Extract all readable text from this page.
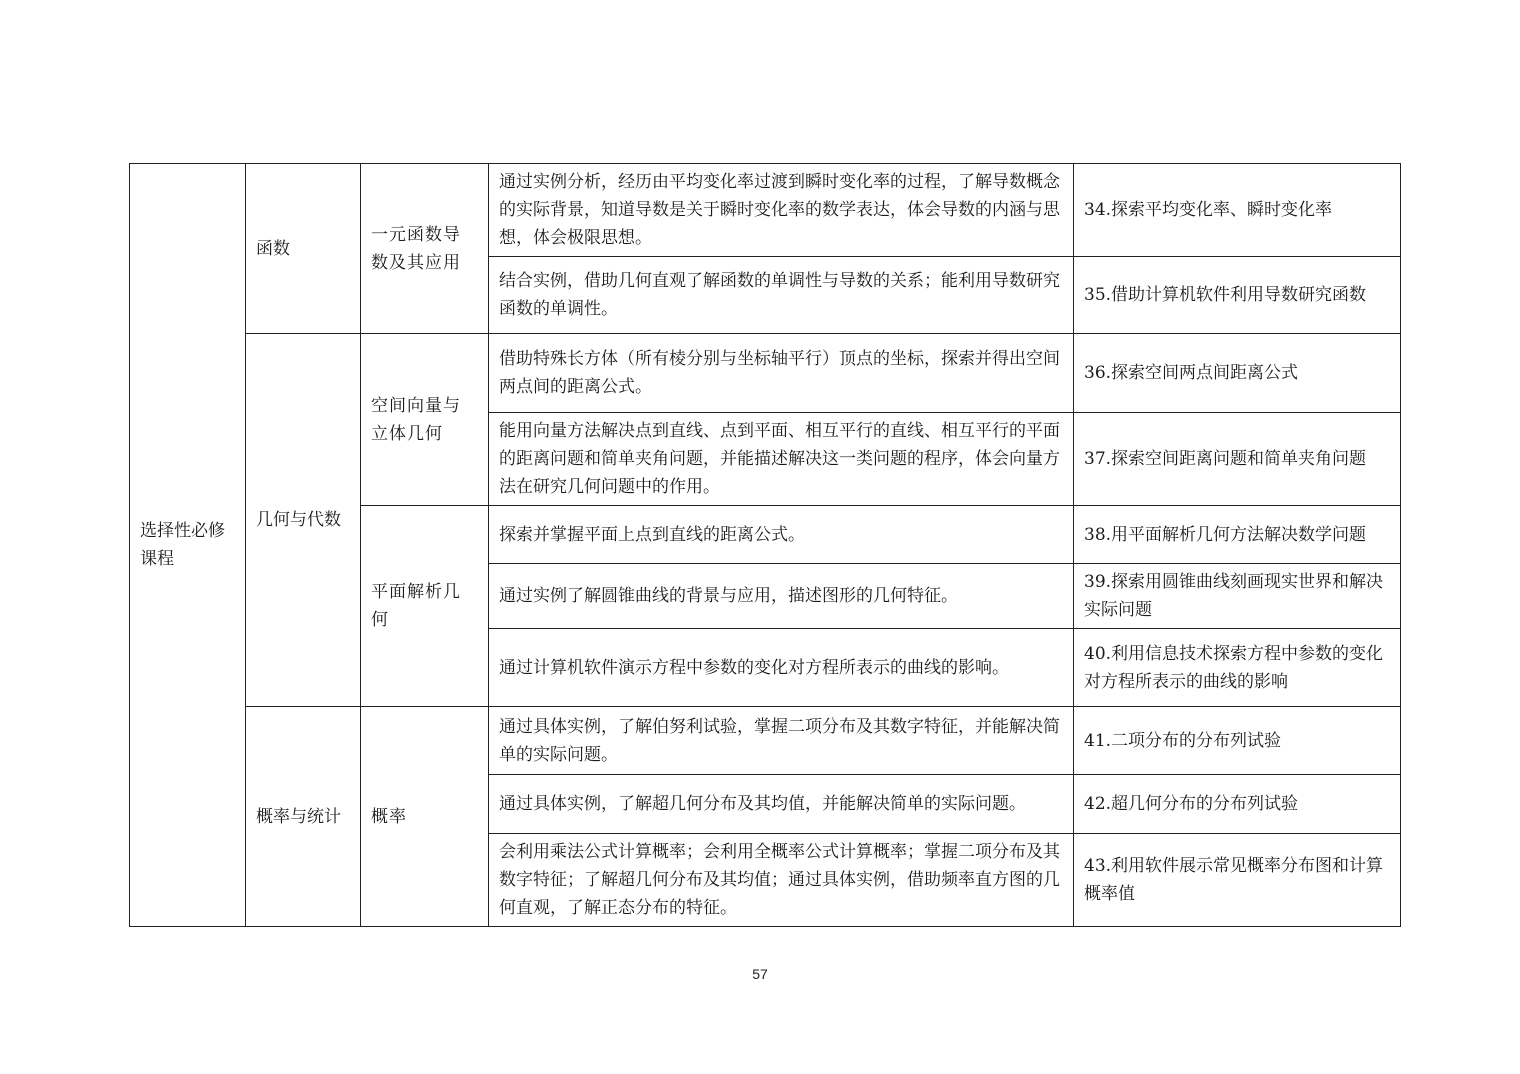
选择性必修课程	函数	一元函数导数及其应用	通过实例分析，经历由平均变化率过渡到瞬时变化率的过程，了解导数概念的实际背景，知道导数是关于瞬时变化率的数学表达，体会导数的内涵与思想，体会极限思想。	34.探索平均变化率、瞬时变化率
			结合实例，借助几何直观了解函数的单调性与导数的关系；能利用导数研究函数的单调性。	35.借助计算机软件利用导数研究函数
	几何与代数	空间向量与立体几何	借助特殊长方体（所有棱分别与坐标轴平行）顶点的坐标，探索并得出空间两点间的距离公式。	36.探索空间两点间距离公式
			能用向量方法解决点到直线、点到平面、相互平行的直线、相互平行的平面的距离问题和简单夹角问题，并能描述解决这一类问题的程序，体会向量方法在研究几何问题中的作用。	37.探索空间距离问题和简单夹角问题
		平面解析几何	探索并掌握平面上点到直线的距离公式。	38.用平面解析几何方法解决数学问题
			通过实例了解圆锥曲线的背景与应用，描述图形的几何特征。	39.探索用圆锥曲线刻画现实世界和解决实际问题
			通过计算机软件演示方程中参数的变化对方程所表示的曲线的影响。	40.利用信息技术探索方程中参数的变化对方程所表示的曲线的影响
	概率与统计	概率	通过具体实例，了解伯努利试验，掌握二项分布及其数字特征，并能解决简单的实际问题。	41.二项分布的分布列试验
			通过具体实例，了解超几何分布及其均值，并能解决简单的实际问题。	42.超几何分布的分布列试验
			会利用乘法公式计算概率；会利用全概率公式计算概率；掌握二项分布及其数字特征；了解超几何分布及其均值；通过具体实例，借助频率直方图的几何直观，了解正态分布的特征。	43.利用软件展示常见概率分布图和计算概率值
57
